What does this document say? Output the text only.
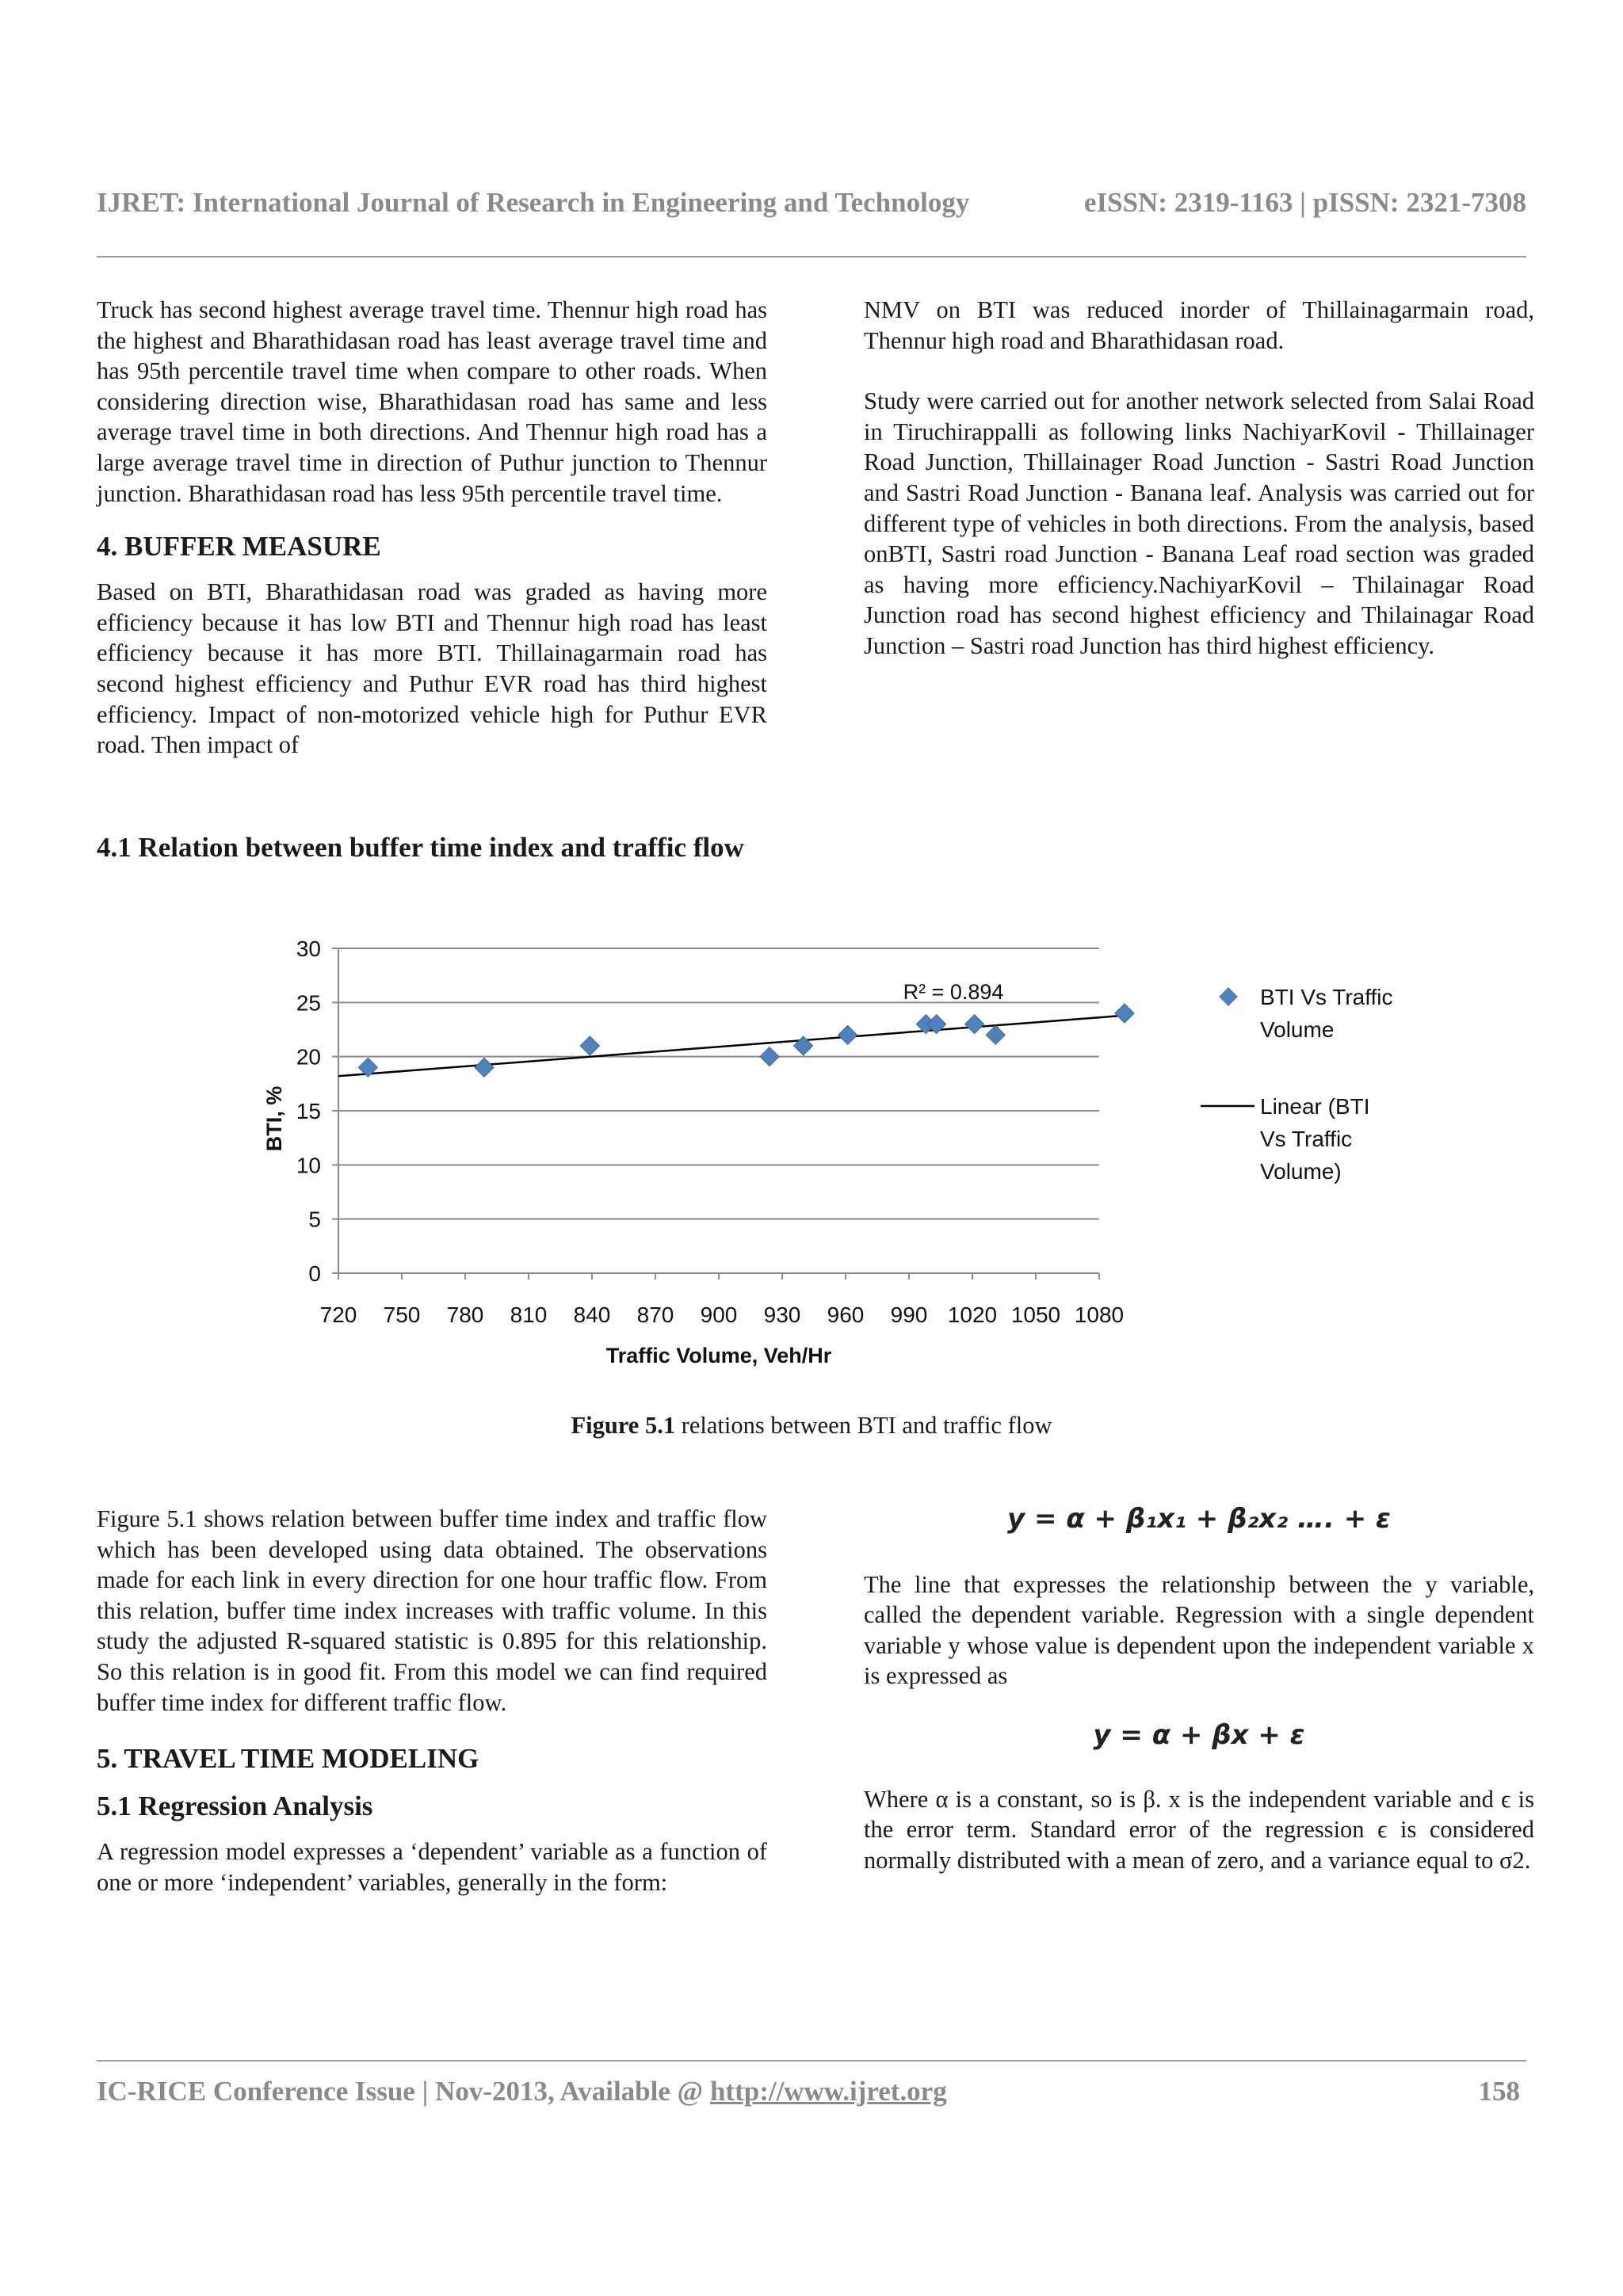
IJRET: International Journal of Research in Engineering and Technology	eISSN: 2319-1163 | pISSN: 2321-7308

Truck has second highest average travel time. Thennur high road has the highest and Bharathidasan road has least average travel time and has 95th percentile travel time when compare to other roads. When considering direction wise, Bharathidasan road has same and less average travel time in both directions. And Thennur high road has a large average travel time in direction of Puthur junction to Thennur junction. Bharathidasan road has less 95th percentile travel time.

4. BUFFER MEASURE

Based on BTI, Bharathidasan road was graded as having more efficiency because it has low BTI and Thennur high road has least efficiency because it has more BTI. Thillainagarmain road has second highest efficiency and Puthur EVR road has third highest efficiency. Impact of non-motorized vehicle high for Puthur EVR road. Then impact of

NMV on BTI was reduced inorder of Thillainagarmain road, Thennur high road and Bharathidasan road.

Study were carried out for another network selected from Salai Road in Tiruchirappalli as following links NachiyarKovil - Thillainager Road Junction, Thillainager Road Junction - Sastri Road Junction and Sastri Road Junction - Banana leaf. Analysis was carried out for different type of vehicles in both directions. From the analysis, based onBTI, Sastri road Junction - Banana Leaf road section was graded as having more efficiency.NachiyarKovil – Thilainagar Road Junction road has second highest efficiency and Thilainagar Road Junction – Sastri road Junction has third highest efficiency.

4.1 Relation between buffer time index and traffic flow
0
5
10
15
20
25
30
720 750 780 810 840 870 900 930 960 990 1020 1050 1080
R² = 0.894
BTI, %
Traffic Volume, Veh/Hr
BTI Vs Traffic
Volume
Linear (BTI
Vs Traffic
Volume)
Figure 5.1 relations between BTI and traffic flow

Figure 5.1 shows relation between buffer time index and traffic flow which has been developed using data obtained. The observations made for each link in every direction for one hour traffic flow. From this relation, buffer time index increases with traffic volume. In this study the adjusted R-squared statistic is 0.895 for this relationship. So this relation is in good fit. From this model we can find required buffer time index for different traffic flow.

5. TRAVEL TIME MODELING
5.1 Regression Analysis

A regression model expresses a ‘dependent’ variable as a function of one or more ‘independent’ variables, generally in the form:

y = α + β₁x₁ + β₂x₂ …. + ε

The line that expresses the relationship between the y variable, called the dependent variable. Regression with a single dependent variable y whose value is dependent upon the independent variable x is expressed as

y = α + βx + ε

Where α is a constant, so is β. x is the independent variable and ϵ is the error term. Standard error of the regression ϵ is considered normally distributed with a mean of zero, and a variance equal to σ2.

IC-RICE Conference Issue | Nov-2013, Available @ http://www.ijret.org	158
